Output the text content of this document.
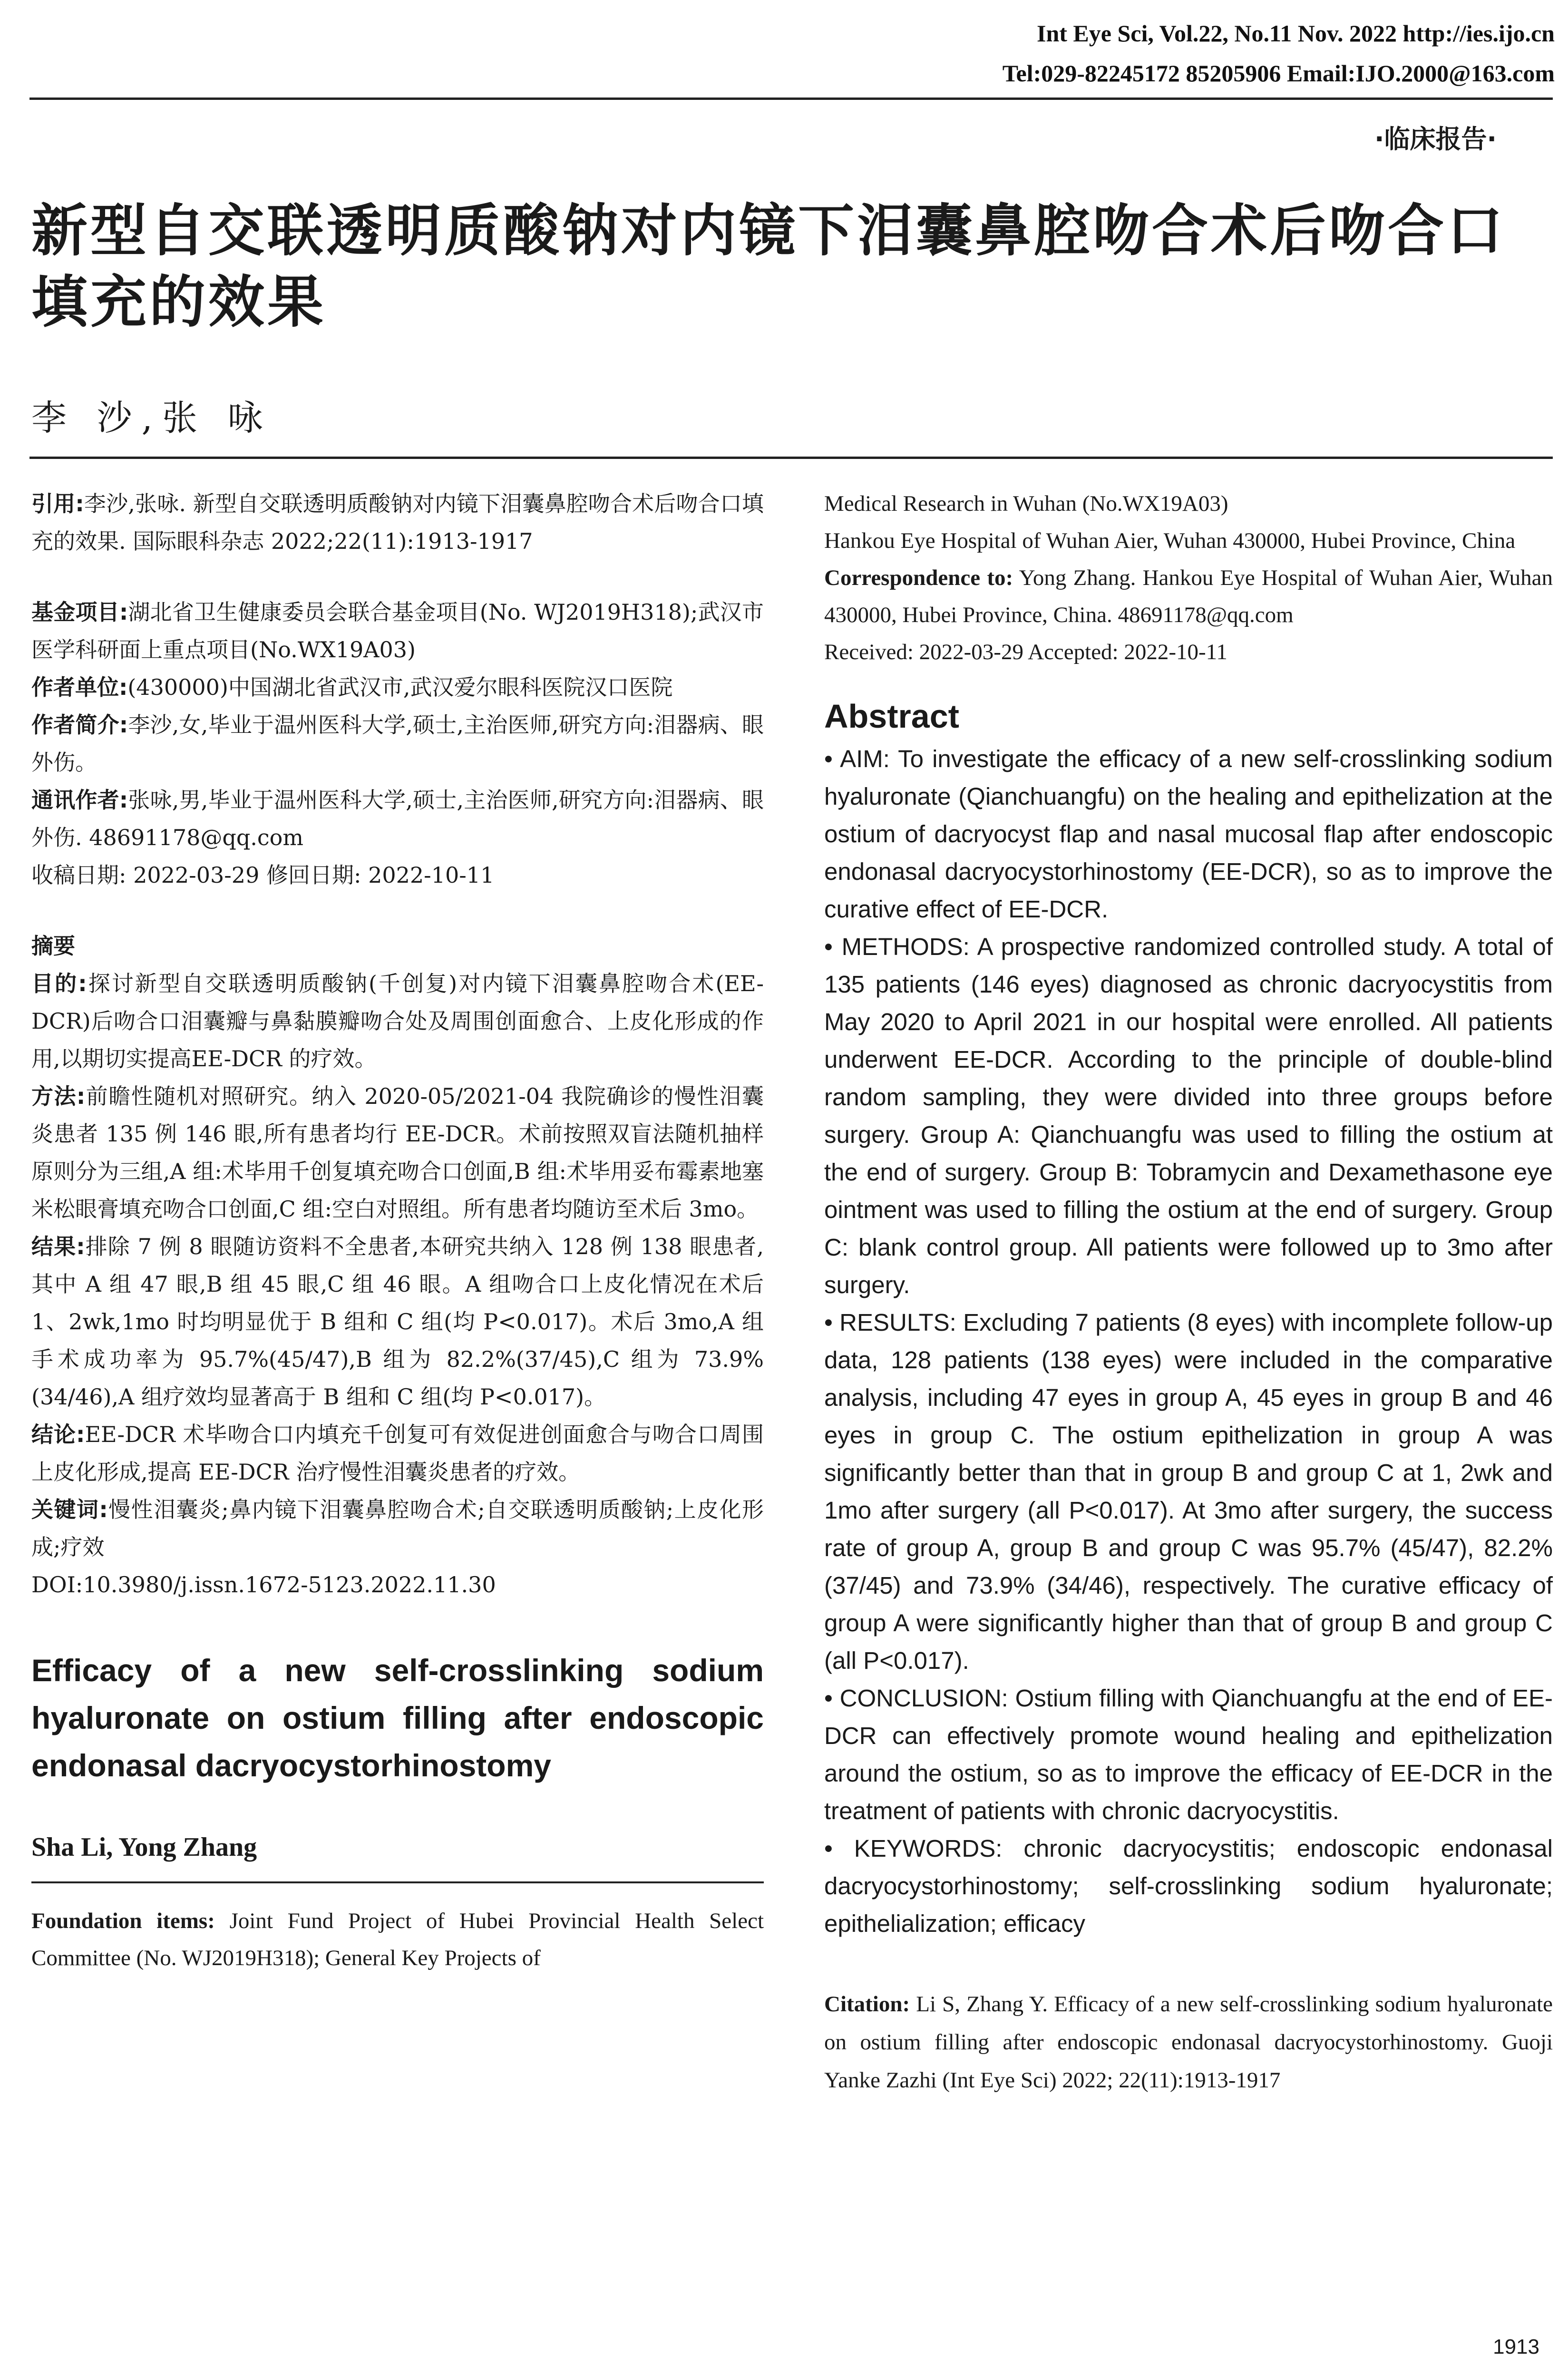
Int Eye Sci, Vol.22, No.11 Nov. 2022 http://ies.ijo.cn
Tel:029-82245172 85205906 Email:IJO.2000@163.com
·临床报告·
新型自交联透明质酸钠对内镜下泪囊鼻腔吻合术后吻合口填充的效果
李 沙,张 咏

引用:李沙,张咏. 新型自交联透明质酸钠对内镜下泪囊鼻腔吻合术后吻合口填充的效果. 国际眼科杂志 2022;22(11):1913-1917

基金项目:湖北省卫生健康委员会联合基金项目(No. WJ2019H318);武汉市医学科研面上重点项目(No.WX19A03)

作者单位:(430000)中国湖北省武汉市,武汉爱尔眼科医院汉口医院

作者简介:李沙,女,毕业于温州医科大学,硕士,主治医师,研究方向:泪器病、眼外伤。

通讯作者:张咏,男,毕业于温州医科大学,硕士,主治医师,研究方向:泪器病、眼外伤. 48691178@qq.com

收稿日期: 2022-03-29 修回日期: 2022-10-11

摘要

目的:探讨新型自交联透明质酸钠(千创复)对内镜下泪囊鼻腔吻合术(EE-DCR)后吻合口泪囊瓣与鼻黏膜瓣吻合处及周围创面愈合、上皮化形成的作用,以期切实提高EE-DCR 的疗效。

方法:前瞻性随机对照研究。纳入 2020-05/2021-04 我院确诊的慢性泪囊炎患者 135 例 146 眼,所有患者均行 EE-DCR。术前按照双盲法随机抽样原则分为三组,A 组:术毕用千创复填充吻合口创面,B 组:术毕用妥布霉素地塞米松眼膏填充吻合口创面,C 组:空白对照组。所有患者均随访至术后 3mo。

结果:排除 7 例 8 眼随访资料不全患者,本研究共纳入 128 例 138 眼患者,其中 A 组 47 眼,B 组 45 眼,C 组 46 眼。A 组吻合口上皮化情况在术后 1、2wk,1mo 时均明显优于 B 组和 C 组(均 P<0.017)。术后 3mo,A 组手术成功率为 95.7%(45/47),B 组为 82.2%(37/45),C 组为 73.9%(34/46),A 组疗效均显著高于 B 组和 C 组(均 P<0.017)。

结论:EE-DCR 术毕吻合口内填充千创复可有效促进创面愈合与吻合口周围上皮化形成,提高 EE-DCR 治疗慢性泪囊炎患者的疗效。

关键词:慢性泪囊炎;鼻内镜下泪囊鼻腔吻合术;自交联透明质酸钠;上皮化形成;疗效

DOI:10.3980/j.issn.1672-5123.2022.11.30

Efficacy of a new self-crosslinking sodium hyaluronate on ostium filling after endoscopic endonasal dacryocystorhinostomy
Sha Li, Yong Zhang

Foundation items: Joint Fund Project of Hubei Provincial Health Select Committee (No. WJ2019H318); General Key Projects of

Medical Research in Wuhan (No.WX19A03)

Hankou Eye Hospital of Wuhan Aier, Wuhan 430000, Hubei Province, China

Correspondence to: Yong Zhang. Hankou Eye Hospital of Wuhan Aier, Wuhan 430000, Hubei Province, China. 48691178@qq.com

Received: 2022-03-29 Accepted: 2022-10-11

Abstract

• AIM: To investigate the efficacy of a new self-crosslinking sodium hyaluronate (Qianchuangfu) on the healing and epithelization at the ostium of dacryocyst flap and nasal mucosal flap after endoscopic endonasal dacryocystorhinostomy (EE-DCR), so as to improve the curative effect of EE-DCR.

• METHODS: A prospective randomized controlled study. A total of 135 patients (146 eyes) diagnosed as chronic dacryocystitis from May 2020 to April 2021 in our hospital were enrolled. All patients underwent EE-DCR. According to the principle of double-blind random sampling, they were divided into three groups before surgery. Group A: Qianchuangfu was used to filling the ostium at the end of surgery. Group B: Tobramycin and Dexamethasone eye ointment was used to filling the ostium at the end of surgery. Group C: blank control group. All patients were followed up to 3mo after surgery.

• RESULTS: Excluding 7 patients (8 eyes) with incomplete follow-up data, 128 patients (138 eyes) were included in the comparative analysis, including 47 eyes in group A, 45 eyes in group B and 46 eyes in group C. The ostium epithelization in group A was significantly better than that in group B and group C at 1, 2wk and 1mo after surgery (all P<0.017). At 3mo after surgery, the success rate of group A, group B and group C was 95.7% (45/47), 82.2% (37/45) and 73.9% (34/46), respectively. The curative efficacy of group A were significantly higher than that of group B and group C (all P<0.017).

• CONCLUSION: Ostium filling with Qianchuangfu at the end of EE-DCR can effectively promote wound healing and epithelization around the ostium, so as to improve the efficacy of EE-DCR in the treatment of patients with chronic dacryocystitis.

• KEYWORDS: chronic dacryocystitis; endoscopic endonasal dacryocystorhinostomy; self-crosslinking sodium hyaluronate; epithelialization; efficacy

Citation: Li S, Zhang Y. Efficacy of a new self-crosslinking sodium hyaluronate on ostium filling after endoscopic endonasal dacryocystorhinostomy. Guoji Yanke Zazhi (Int Eye Sci) 2022; 22(11):1913-1917
1913
